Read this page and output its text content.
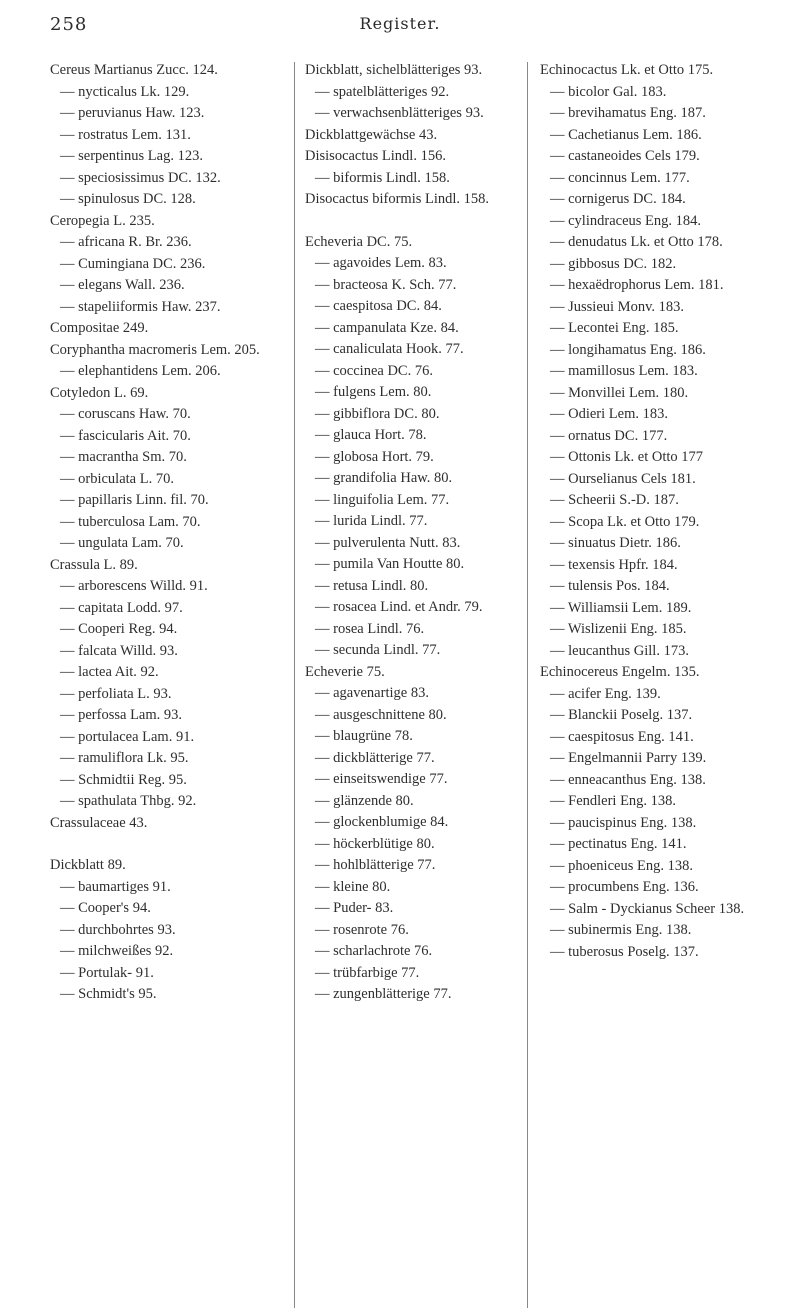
258	Register.
Cereus Martianus Zucc. 124.
— nycticalus Lk. 129.
— peruvianus Haw. 123.
— rostratus Lem. 131.
— serpentinus Lag. 123.
— speciosissimus DC. 132.
— spinulosus DC. 128.
Ceropegia L. 235.
— africana R. Br. 236.
— Cumingiana DC. 236.
— elegans Wall. 236.
— stapeliiformis Haw. 237.
Compositae 249.
Coryphantha macromeris Lem. 205.
— elephantidens Lem. 206.
Cotyledon L. 69.
— coruscans Haw. 70.
— fascicularis Ait. 70.
— macrantha Sm. 70.
— orbiculata L. 70.
— papillaris Linn. fil. 70.
— tuberculosa Lam. 70.
— ungulata Lam. 70.
Crassula L. 89.
— arborescens Willd. 91.
— capitata Lodd. 97.
— Cooperi Reg. 94.
— falcata Willd. 93.
— lactea Ait. 92.
— perfoliata L. 93.
— perfossa Lam. 93.
— portulacea Lam. 91.
— ramuliflora Lk. 95.
— Schmidtii Reg. 95.
— spathulata Thbg. 92.
Crassulaceae 43.
Dickblatt 89.
— baumartiges 91.
— Cooper's 94.
— durchbohrtes 93.
— milchweißes 92.
— Portulak- 91.
— Schmidt's 95.
Dickblatt, sichelblätteriges 93.
— spatelblätteriges 92.
— verwachsenblätteriges 93.
Dickblattgewächse 43.
Disisocactus Lindl. 156.
— biformis Lindl. 158.
Disocactus biformis Lindl. 158.
Echeveria DC. 75.
— agavoides Lem. 83.
— bracteosa K. Sch. 77.
— caespitosa DC. 84.
— campanulata Kze. 84.
— canaliculata Hook. 77.
— coccinea DC. 76.
— fulgens Lem. 80.
— gibbiflora DC. 80.
— glauca Hort. 78.
— globosa Hort. 79.
— grandifolia Haw. 80.
— linguifolia Lem. 77.
— lurida Lindl. 77.
— pulverulenta Nutt. 83.
— pumila Van Houtte 80.
— retusa Lindl. 80.
— rosacea Lind. et Andr. 79.
— rosea Lindl. 76.
— secunda Lindl. 77.
Echeverie 75.
— agavenartige 83.
— ausgeschnittene 80.
— blaugrüne 78.
— dickblätterige 77.
— einseitswendige 77.
— glänzende 80.
— glockenblumige 84.
— höckerblütige 80.
— hohlblätterige 77.
— kleine 80.
— Puder- 83.
— rosenrote 76.
— scharlachrote 76.
— trübfarbige 77.
— zungenblätterige 77.
Echinocactus Lk. et Otto 175.
— bicolor Gal. 183.
— brevihamatus Eng. 187.
— Cachetianus Lem. 186.
— castaneoides Cels 179.
— concinnus Lem. 177.
— cornigerus DC. 184.
— cylindraceus Eng. 184.
— denudatus Lk. et Otto 178.
— gibbosus DC. 182.
— hexaëdrophorus Lem. 181.
— Jussieui Monv. 183.
— Lecontei Eng. 185.
— longihamatus Eng. 186.
— mamillosus Lem. 183.
— Monvillei Lem. 180.
— Odieri Lem. 183.
— ornatus DC. 177.
— Ottonis Lk. et Otto 177
— Ourselianus Cels 181.
— Scheerii S.-D. 187.
— Scopa Lk. et Otto 179.
— sinuatus Dietr. 186.
— texensis Hpfr. 184.
— tulensis Pos. 184.
— Williamsii Lem. 189.
— Wislizenii Eng. 185.
— leucanthus Gill. 173.
Echinocereus Engelm. 135.
— acifer Eng. 139.
— Blanckii Poselg. 137.
— caespitosus Eng. 141.
— Engelmannii Parry 139.
— enneacanthus Eng. 138.
— Fendleri Eng. 138.
— paucispinus Eng. 138.
— pectinatus Eng. 141.
— phoeniceus Eng. 138.
— procumbens Eng. 136.
— Salm - Dyckianus Scheer 138.
— subinermis Eng. 138.
— tuberosus Poselg. 137.
